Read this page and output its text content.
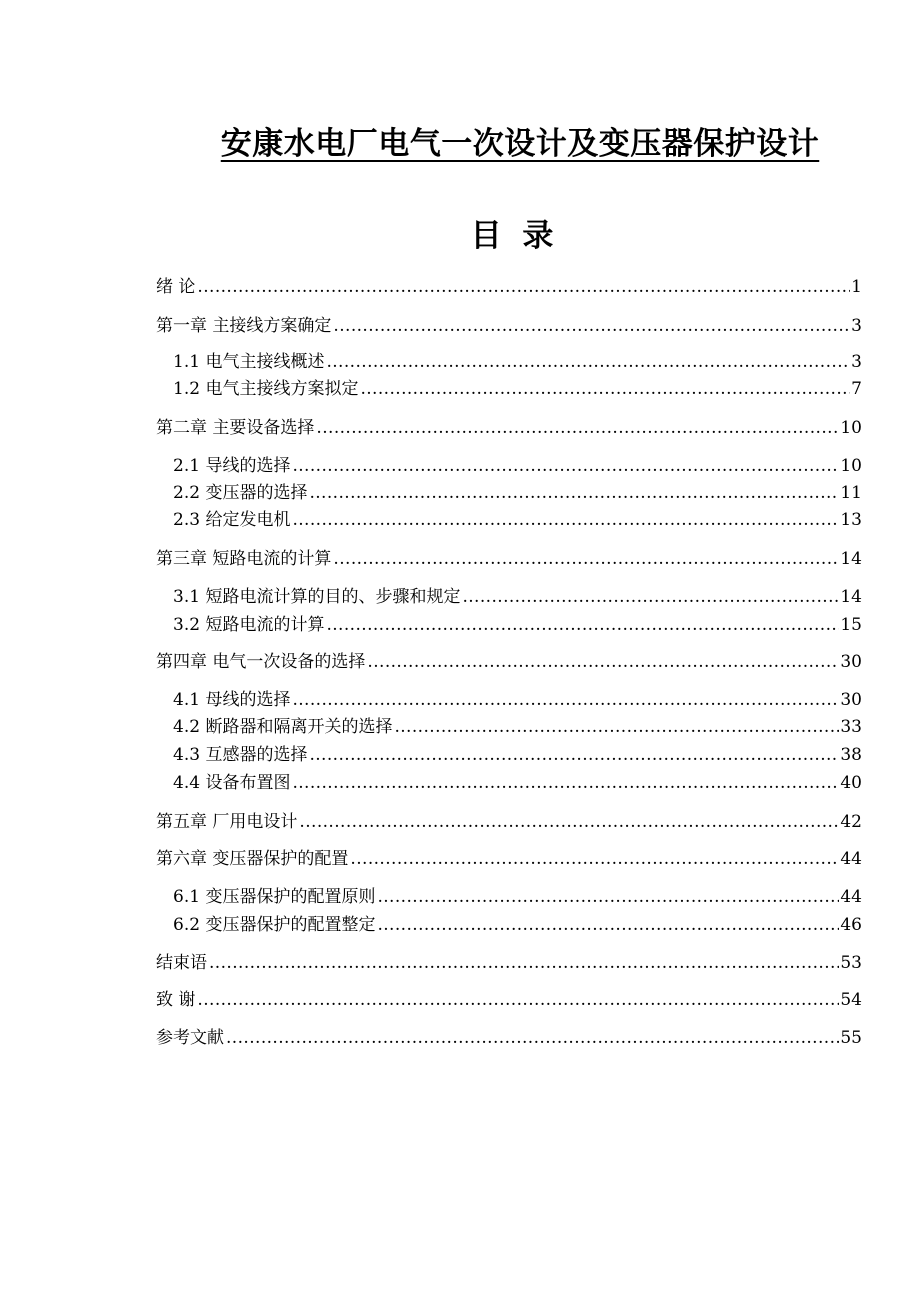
安康水电厂电气一次设计及变压器保护设计
目 录
绪 论 .....	1
第一章 主接线方案确定 .....	3
1.1 电气主接线概述 .....	3
1.2 电气主接线方案拟定 .....	7
第二章 主要设备选择 .....	10
2.1 导线的选择 .....	10
2.2 变压器的选择 .....	11
2.3 给定发电机 .....	13
第三章 短路电流的计算 .....	14
3.1 短路电流计算的目的、步骤和规定 .....	14
3.2 短路电流的计算 .....	15
第四章 电气一次设备的选择 .....	30
4.1 母线的选择 .....	30
4.2 断路器和隔离开关的选择 .....	33
4.3 互感器的选择 .....	38
4.4 设备布置图 .....	40
第五章 厂用电设计 .....	42
第六章 变压器保护的配置 .....	44
6.1 变压器保护的配置原则 .....	44
6.2 变压器保护的配置整定 .....	46
结束语 .....	53
致 谢 .....	54
参考文献 .....	55
